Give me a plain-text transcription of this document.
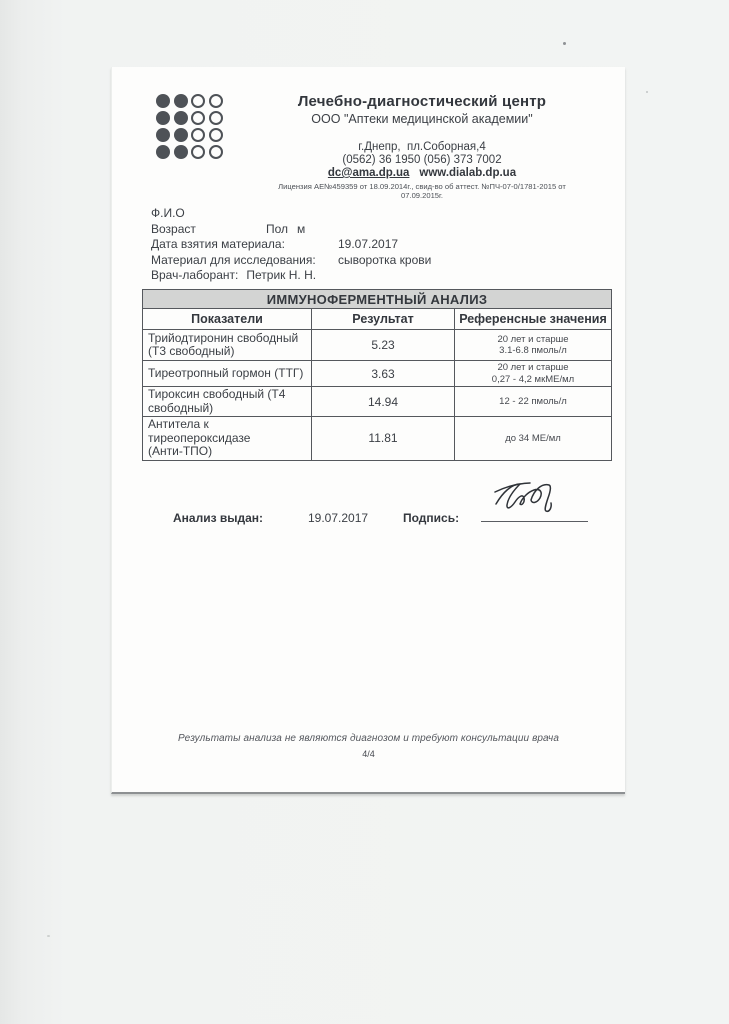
Лечебно-диагностический центр
ООО "Аптеки медицинской академии"
г.Днепр,  пл.Соборная,4
(0562) 36 1950 (056) 373 7002
dc@ama.dp.ua www.dialab.dp.ua
Лицензия АЕ№459359 от 18.09.2014г., свид-во об аттест. №ПЧ-07-0/1781-2015 от
07.09.2015г.
Ф.И.О
Возраст	Пол м
Дата взятия материала:	19.07.2017
Материал для исследования: сыворотка крови
Врач-лаборант: Петрик Н. Н.
ИММУНОФЕРМЕНТНЫЙ АНАЛИЗ		
Показатели	Результат	Референсные значения

Трийодтиронин свободный
(Т3 свободный)	5.23	20 лет и старше
3.1-6.8 пмоль/л

Тиреотропный гормон (ТТГ)	3.63	20 лет и старше
0,27 - 4,2 мкМЕ/мл

Тироксин свободный (Т4
свободный)	14.94	12 - 22 пмоль/л

Антитела к
тиреопероксидазе
(Анти-ТПО)	11.81	до 34 МЕ/мл
Анализ выдан:	19.07.2017	Подпись:
Результаты анализа не являются диагнозом и требуют консультации врача
4/4
